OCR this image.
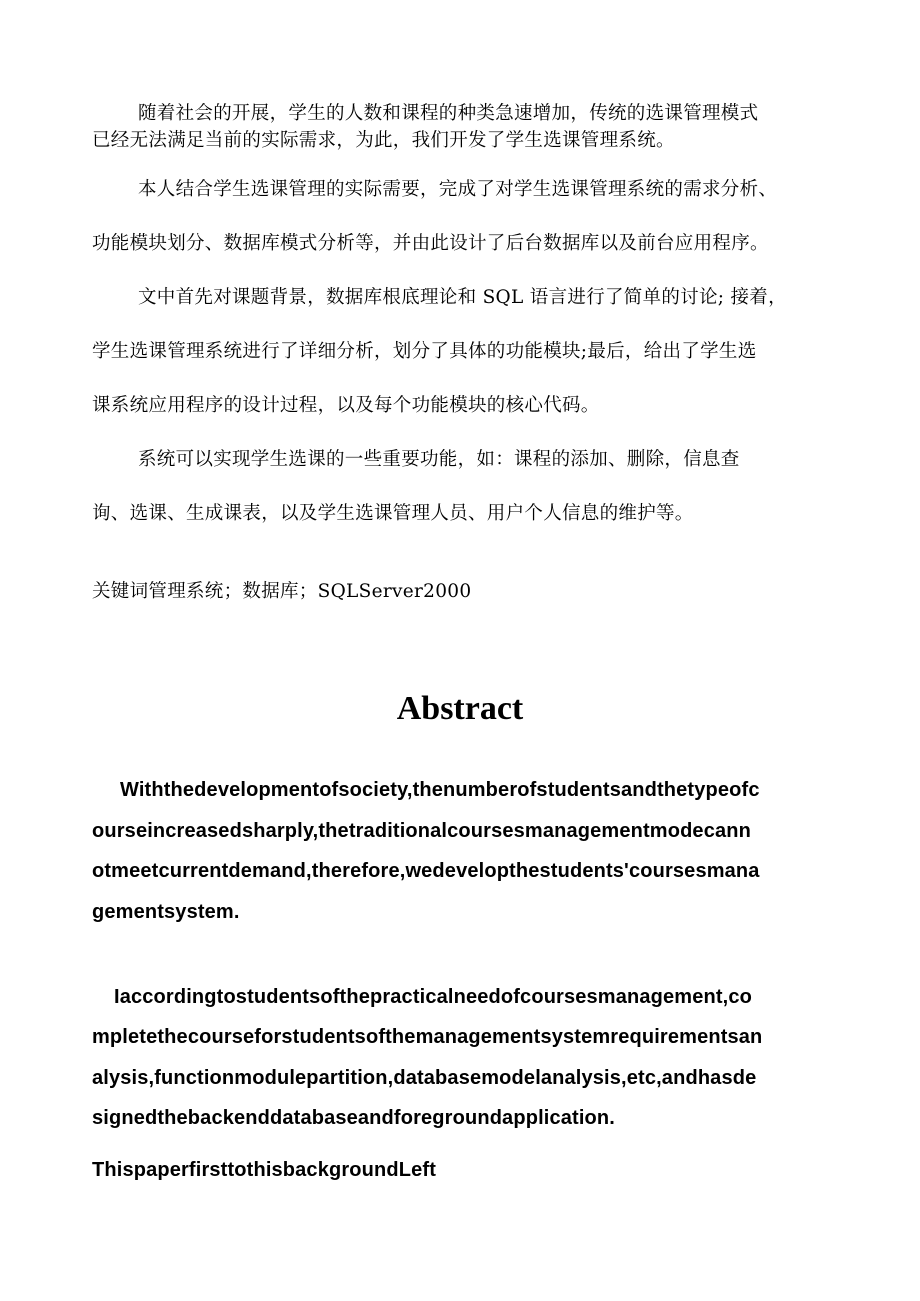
随着社会的开展，学生的人数和课程的种类急速增加，传统的选课管理模式
已经无法满足当前的实际需求，为此，我们开发了学生选课管理系统。
本人结合学生选课管理的实际需要，完成了对学生选课管理系统的需求分析、
功能模块划分、数据库模式分析等，并由此设计了后台数据库以及前台应用程序。
文中首先对课题背景，数据库根底理论和 SQL 语言进行了简单的讨论; 接着，
学生选课管理系统进行了详细分析，划分了具体的功能模块;最后，给出了学生选
课系统应用程序的设计过程，以及每个功能模块的核心代码。
系统可以实现学生选课的一些重要功能，如：课程的添加、删除，信息查
询、选课、生成课表，以及学生选课管理人员、用户个人信息的维护等。
关键词管理系统；数据库；SQLServer2000
Abstract
Withthedevelopmentofsociety,thenumberofstudentsandthetypeofc
ourseincreasedsharply,thetraditionalcoursesmanagementmodecann
otmeetcurrentdemand,therefore,wedevelopthestudents'coursesmana
gementsystem.
Iaccordingtostudentsofthepracticalneedofcoursesmanagement,co
mpletethecourseforstudentsofthemanagementsystemrequirementsan
alysis,functionmodulepartition,databasemodelanalysis,etc,andhasde
signedthebackenddatabaseandforegroundapplication.
ThispaperfirsttothisbackgroundLeft
